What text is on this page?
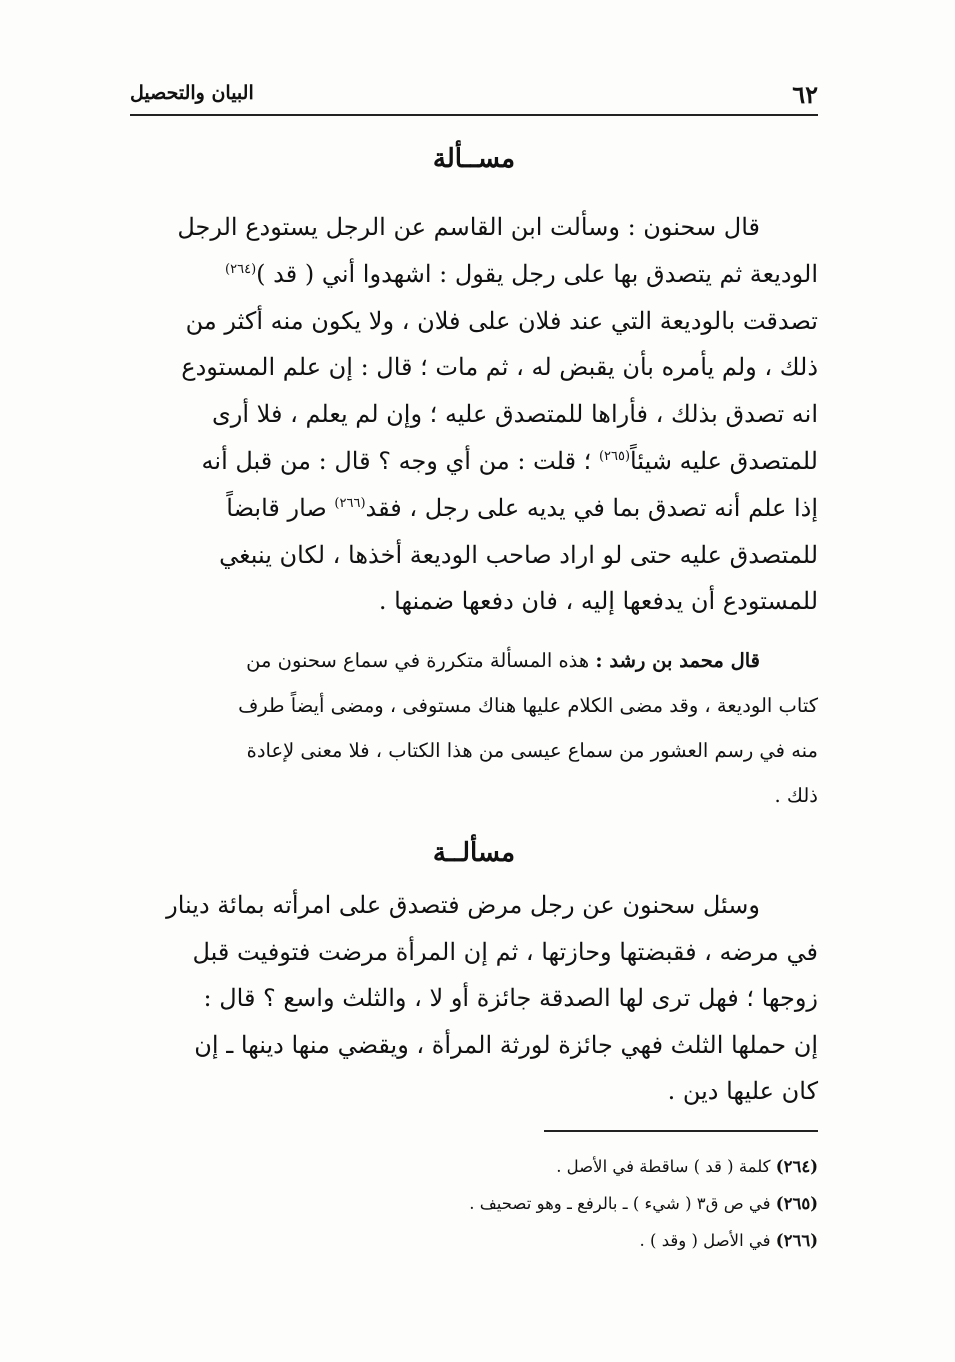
٦٢
البيان والتحصيل
مســألة
قال سحنون : وسألت ابن القاسم عن الرجل يستودع الرجل
الوديعة ثم يتصدق بها على رجل يقول : اشهدوا أني ( قد )$^{(٢٦٤)}$
تصدقت بالوديعة التي عند فلان على فلان ، ولا يكون منه أكثر من
ذلك ، ولم يأمره بأن يقبض له ، ثم مات ؛ قال : إن علم المستودع
انه تصدق بذلك ، فأراها للمتصدق عليه ؛ وإن لم يعلم ، فلا أرى
للمتصدق عليه شيئاً$^{(٢٦٥)}$ ؛ قلت : من أي وجه ؟ قال : من قبل أنه
إذا علم أنه تصدق بما في يديه على رجل ، فقد$^{(٢٦٦)}$ صار قابضاً
للمتصدق عليه حتى لو اراد صاحب الوديعة أخذها ، لكان ينبغي
للمستودع أن يدفعها إليه ، فان دفعها ضمنها .
قال محمد بن رشد : هذه المسألة متكررة في سماع سحنون من
كتاب الوديعة ، وقد مضى الكلام عليها هناك مستوفى ، ومضى أيضاً طرف
منه في رسم العشور من سماع عيسى من هذا الكتاب ، فلا معنى لإعادة
ذلك .
مسألــة
وسئل سحنون عن رجل مرض فتصدق على امرأته بمائة دينار
في مرضه ، فقبضتها وحازتها ، ثم إن المرأة مرضت فتوفيت قبل
زوجها ؛ فهل ترى لها الصدقة جائزة أو لا ، والثلث واسع ؟ قال :
إن حملها الثلث فهي جائزة لورثة المرأة ، ويقضي منها دينها ـ إن
كان عليها دين .
(٢٦٤) كلمة ( قد ) ساقطة في الأصل .
(٢٦٥) في ص ق٣ ( شيء ) ـ بالرفع ـ وهو تصحيف .
(٢٦٦) في الأصل ( وقد ) .
